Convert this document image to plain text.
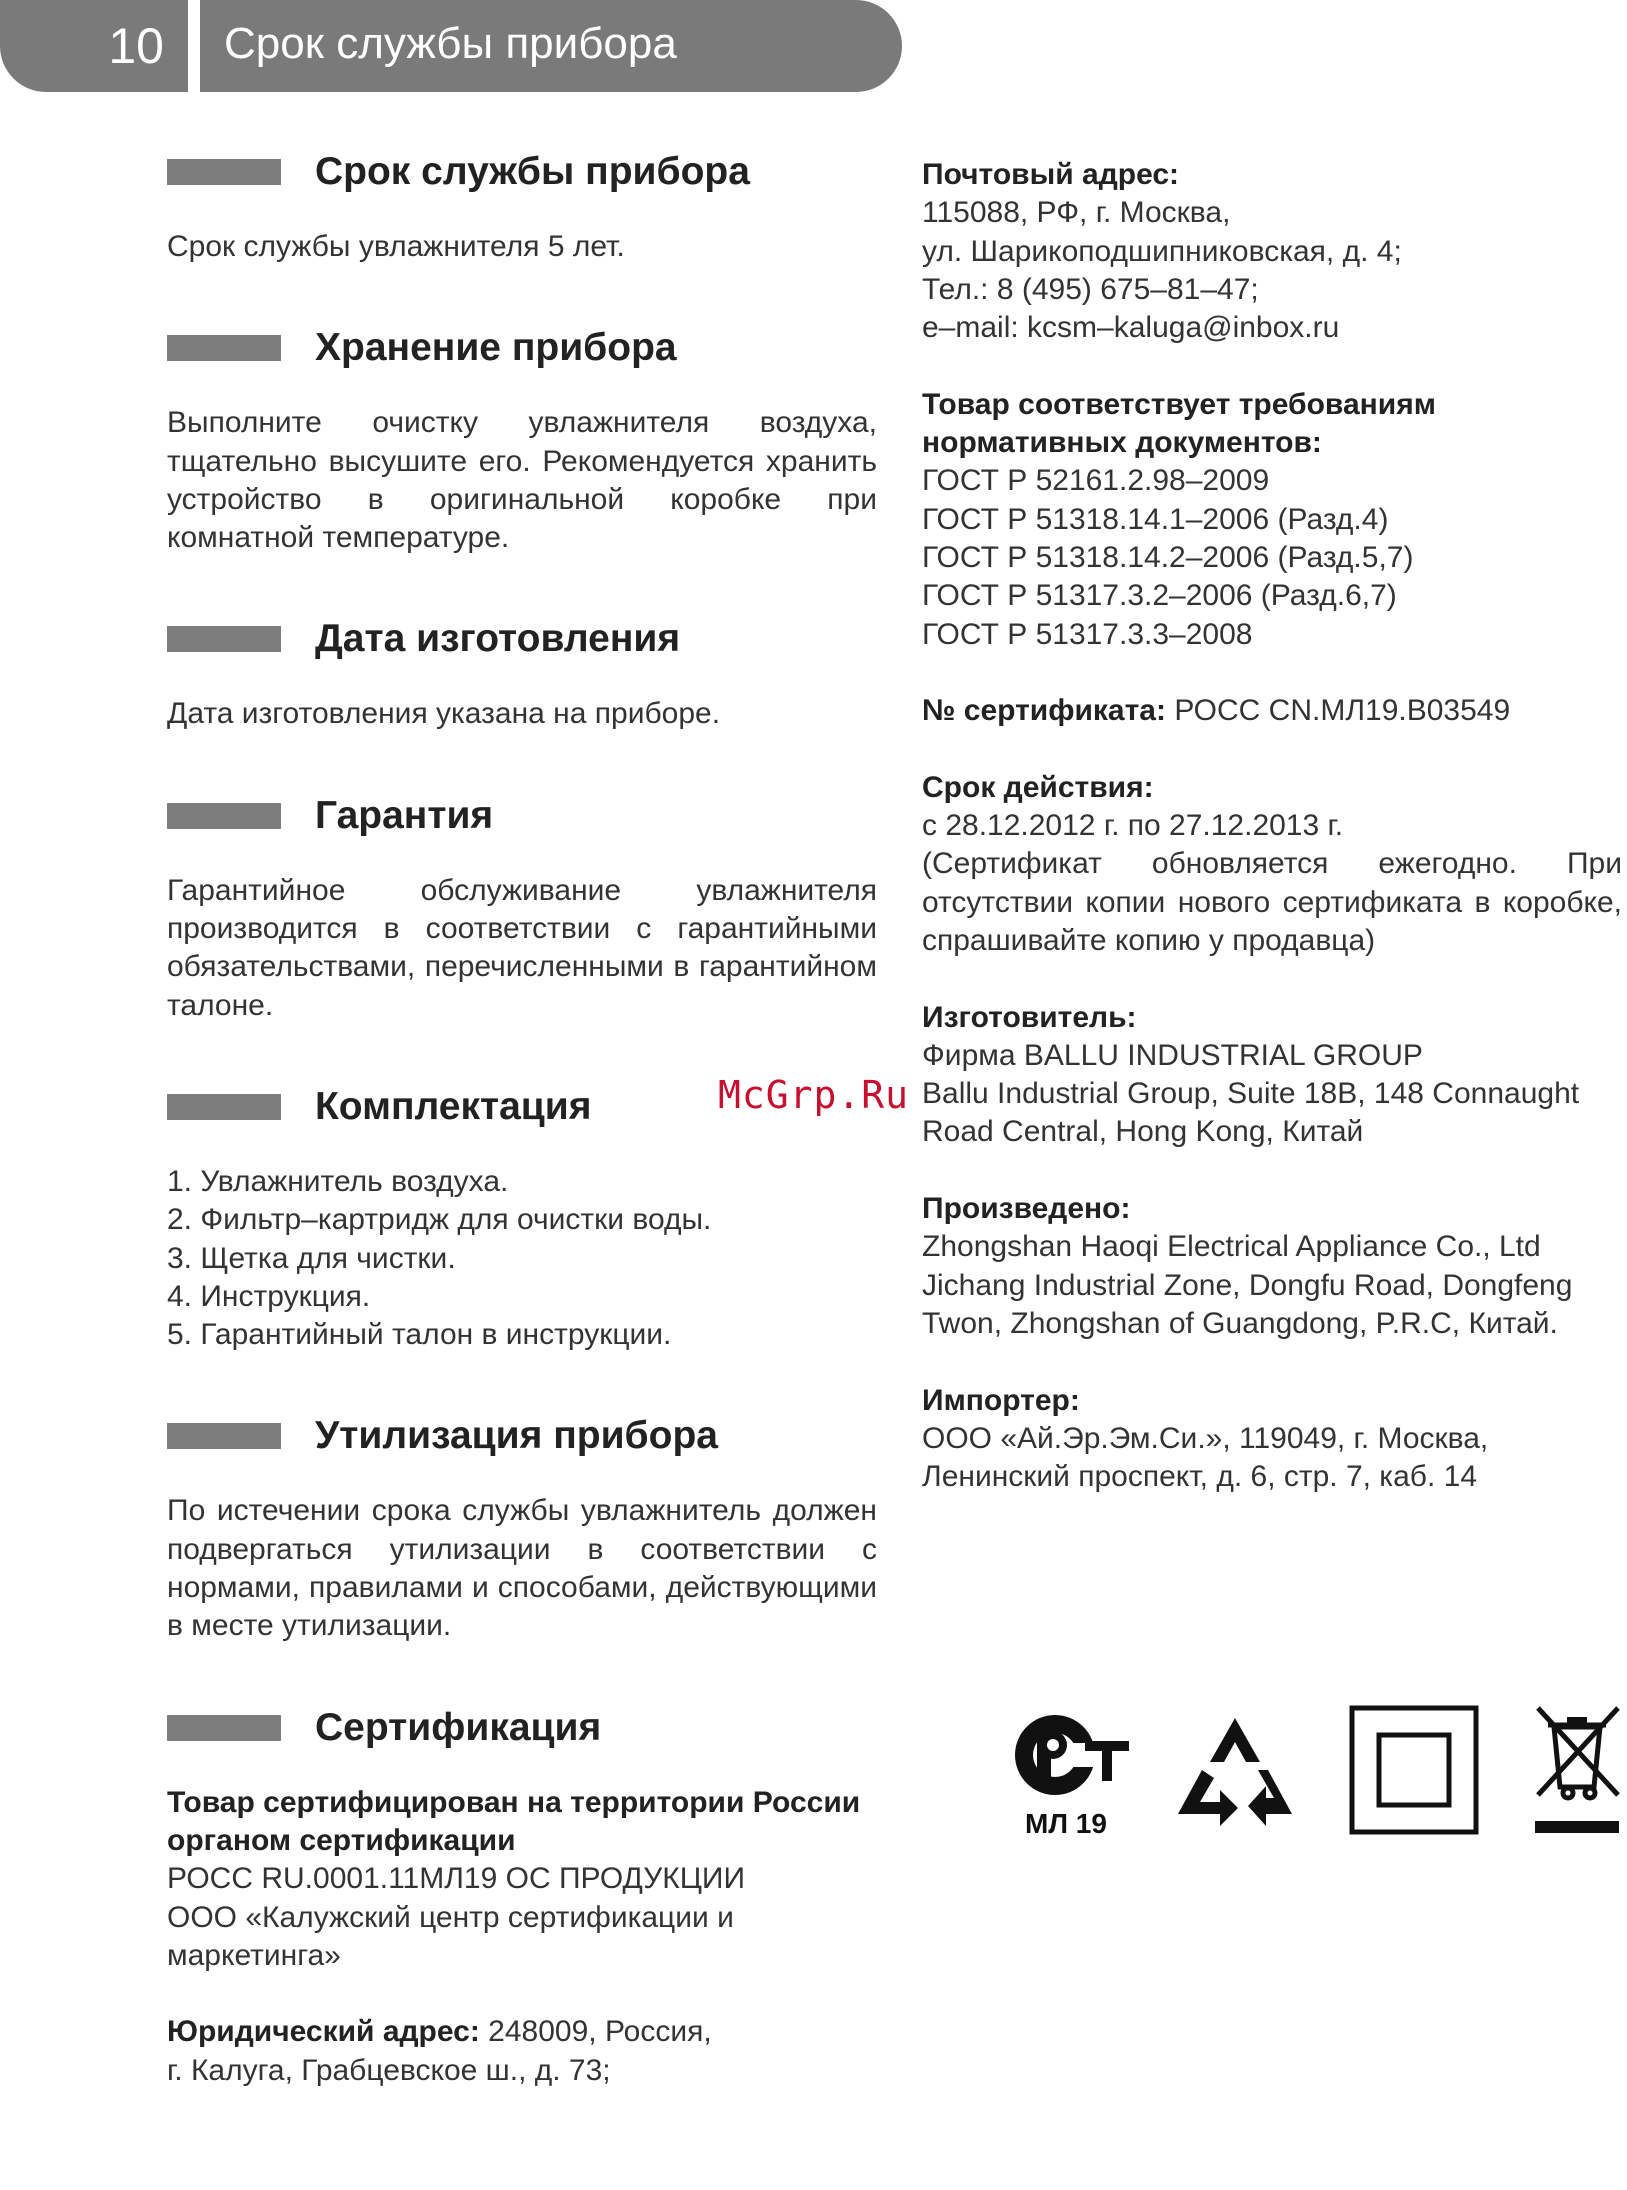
10	Срок службы прибора
Срок службы прибора

Срок службы увлажнителя 5 лет.

Хранение прибора

Выполните очистку увлажнителя воздуха, тщательно высушите его. Рекомендуется хранить устройство в оригинальной коробке при комнатной температуре.

Дата изготовления

Дата изготовления указана на приборе.

Гарантия

Гарантийное обслуживание увлажнителя производится в соответствии с гарантийными обязательствами, перечисленными в гарантийном талоне.

Комплектация
1. Увлажнитель воздуха.
2. Фильтр–картридж для очистки воды.
3. Щетка для чистки.
4. Инструкция.
5. Гарантийный талон в инструкции.
Утилизация прибора

По истечении срока службы увлажнитель должен подвергаться утилизации в соответствии с нормами, правилами и способами, действующими в месте утилизации.

Сертификация

Товар сертифицирован на территории России органом сертификации

РОСС RU.0001.11МЛ19 ОС ПРОДУКЦИИ

ООО «Калужский центр сертификации и маркетинга»

Юридический адрес: 248009, Россия,

г. Калуга, Грабцевское ш., д. 73;

Почтовый адрес:

115088, РФ, г. Москва,

ул. Шарикоподшипниковская, д. 4;

Тел.: 8 (495) 675–81–47;

e–mail: kcsm–kaluga@inbox.ru

Товар соответствует требованиям нормативных документов:

ГОСТ Р 52161.2.98–2009

ГОСТ Р 51318.14.1–2006 (Разд.4)

ГОСТ Р 51318.14.2–2006 (Разд.5,7)

ГОСТ Р 51317.3.2–2006 (Разд.6,7)

ГОСТ Р 51317.3.3–2008

№ сертификата: РОСС CN.МЛ19.В03549

Срок действия:

с 28.12.2012 г. по 27.12.2013 г.

(Сертификат обновляется ежегодно. При отсутствии копии нового сертификата в коробке, спрашивайте копию у продавца)

Изготовитель:

Фирма BALLU INDUSTRIAL GROUP

Ballu Industrial Group, Suite 18B, 148 Connaught Road Central, Hong Kong, Китай

Произведено:

Zhongshan Haoqi Electrical Appliance Co., Ltd

Jichang Industrial Zone, Dongfu Road, Dongfeng Twon, Zhongshan of Guangdong, P.R.C, Китай.

Импортер:

ООО «Ай.Эр.Эм.Си.», 119049, г. Москва,

Ленинский проспект, д. 6, стр. 7, каб. 14

McGrp.Ru
МЛ 19
